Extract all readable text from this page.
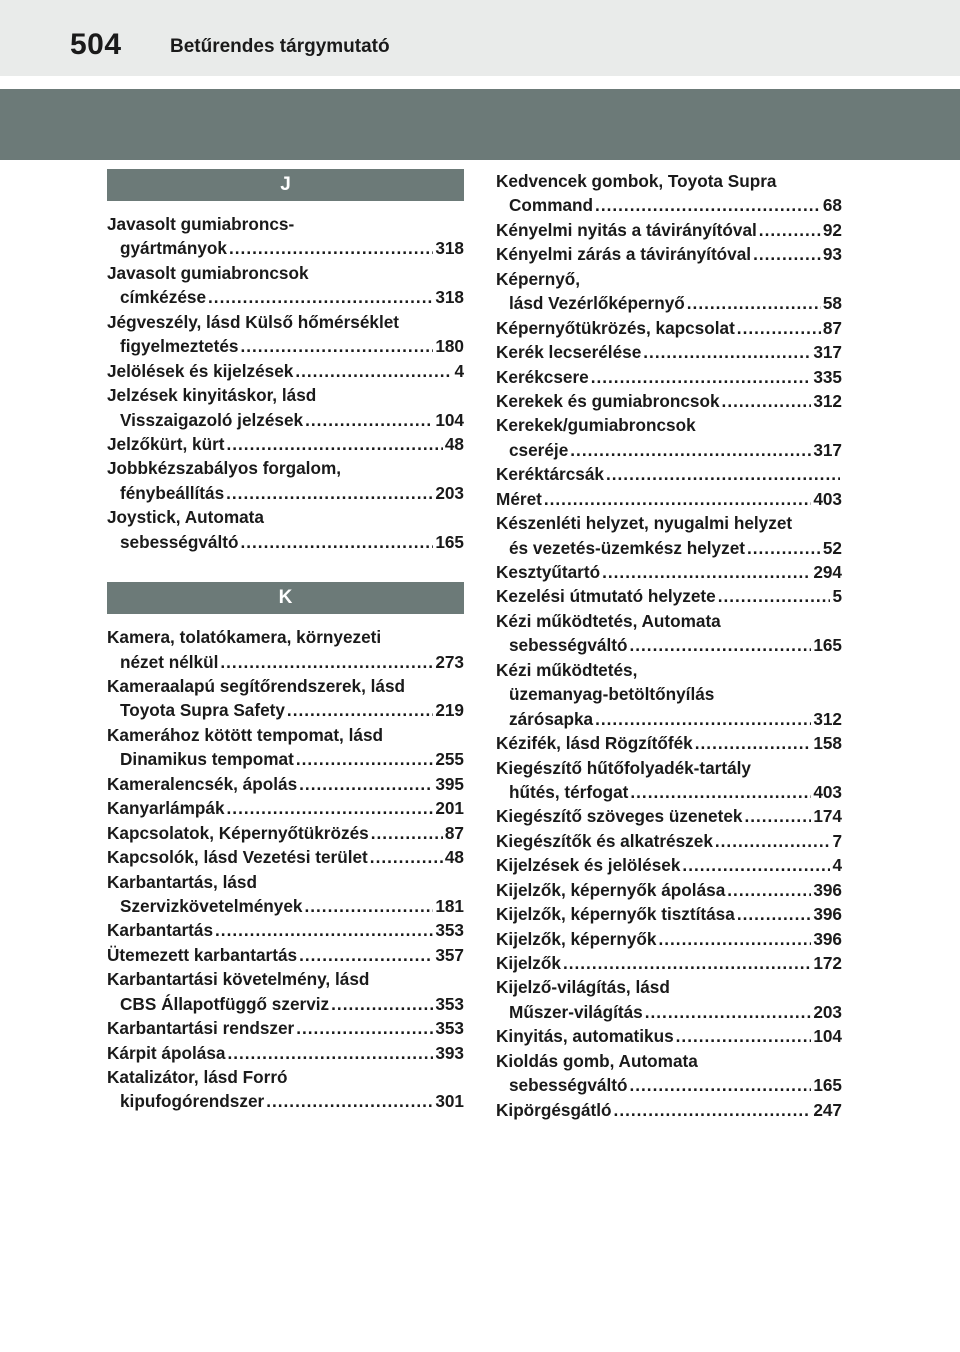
504	Betűrendes tárgymutató
J
Javasolt gumiabroncs-
gyártmányok .....	318
Javasolt gumiabroncsok
címkézése .....	318
Jégveszély, lásd Külső hőmérséklet
figyelmeztetés .....	180
Jelölések és kijelzések .....	4
Jelzések kinyitáskor, lásd
Visszaigazoló jelzések .....	104
Jelzőkürt, kürt .....	48
Jobbkézszabályos forgalom,
fénybeállítás .....	203
Joystick, Automata
sebességváltó .....	165
K
Kamera, tolatókamera, környezeti
nézet nélkül .....	273
Kameraalapú segítőrendszerek, lásd
Toyota Supra Safety .....	219
Kamerához kötött tempomat, lásd
Dinamikus tempomat .....	255
Kameralencsék, ápolás .....	395
Kanyarlámpák .....	201
Kapcsolatok, Képernyőtükrözés .....	87
Kapcsolók, lásd Vezetési terület .....	48
Karbantartás, lásd
Szervizkövetelmények .....	181
Karbantartás .....	353
Ütemezett karbantartás .....	357
Karbantartási követelmény, lásd
CBS Állapotfüggő szerviz .....	353
Karbantartási rendszer .....	353
Kárpit ápolása .....	393
Katalizátor, lásd Forró
kipufogórendszer .....	301
Kedvencek gombok, Toyota Supra
Command .....	68
Kényelmi nyitás a távirányítóval .....	92
Kényelmi zárás a távirányítóval .....	93
Képernyő,
lásd Vezérlőképernyő .....	58
Képernyőtükrözés, kapcsolat .....	87
Kerék lecserélése .....	317
Kerékcsere .....	335
Kerekek és gumiabroncsok .....	312
Kerekek/gumiabroncsok
cseréje .....	317
Keréktárcsák
.....
Méret .....	403
Készenléti helyzet, nyugalmi helyzet
és vezetés-üzemkész helyzet .....	52
Kesztyűtartó .....	294
Kezelési útmutató helyzete .....	5
Kézi működtetés, Automata
sebességváltó .....	165
Kézi működtetés,
üzemanyag-betöltőnyílás
zárósapka .....	312
Kézifék, lásd Rögzítőfék .....	158
Kiegészítő hűtőfolyadék-tartály
hűtés, térfogat .....	403
Kiegészítő szöveges üzenetek .....	174
Kiegészítők és alkatrészek .....	7
Kijelzések és jelölések .....	4
Kijelzők, képernyők ápolása .....	396
Kijelzők, képernyők tisztítása .....	396
Kijelzők, képernyők .....	396
Kijelzők .....	172
Kijelző-világítás, lásd
Műszer-világítás .....	203
Kinyitás, automatikus .....	104
Kioldás gomb, Automata
sebességváltó .....	165
Kipörgésgátló .....	247
